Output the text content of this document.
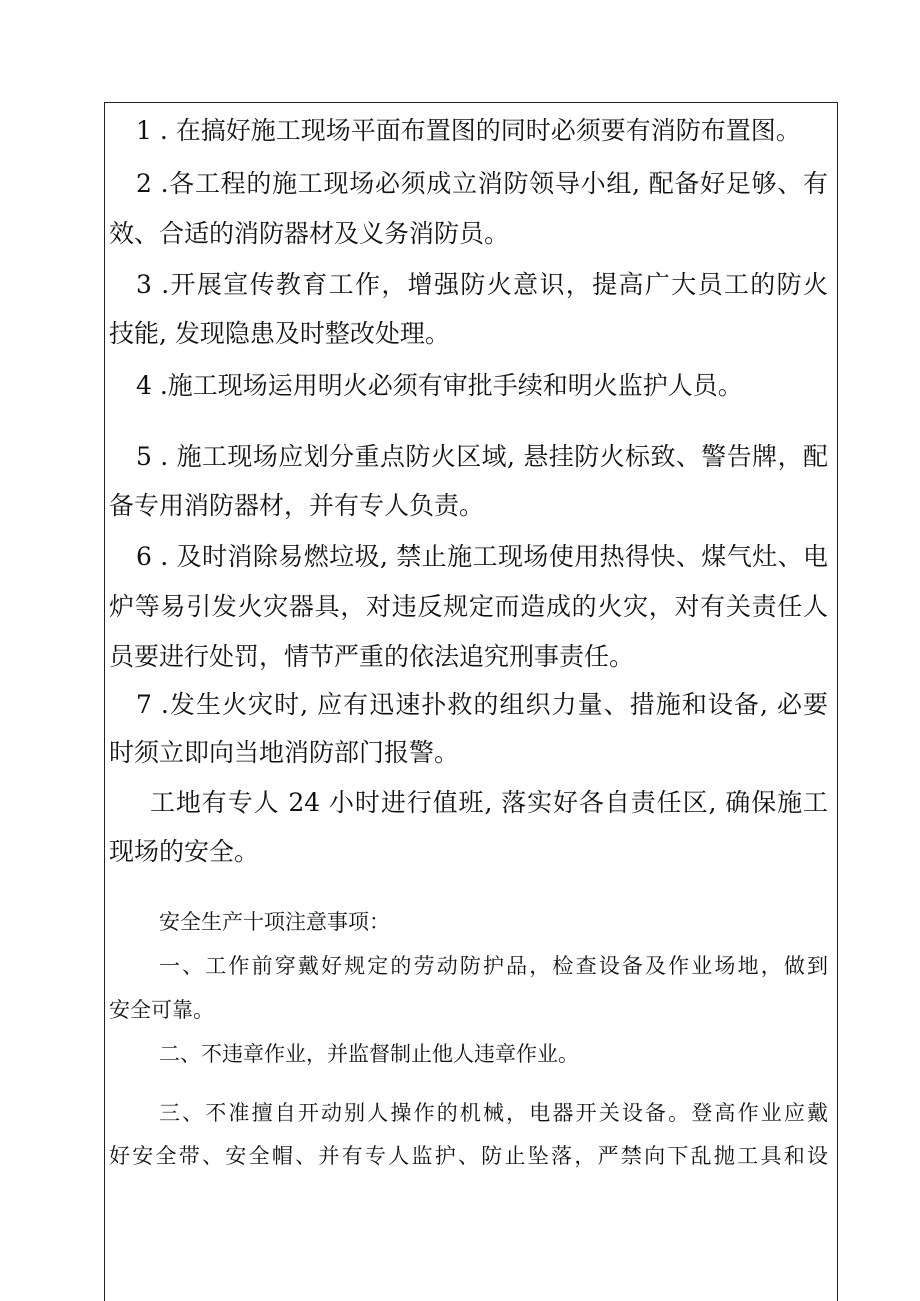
1 . 在搞好施工现场平面布置图的同时必须要有消防布置图。
2 .各工程的施工现场必须成立消防领导小组, 配备好足够、有
效、合适的消防器材及义务消防员。
3 .开展宣传教育工作，增强防火意识，提高广大员工的防火
技能, 发现隐患及时整改处理。
4 .施工现场运用明火必须有审批手续和明火监护人员。
5 . 施工现场应划分重点防火区域, 悬挂防火标致、警告牌，配
备专用消防器材，并有专人负责。
6 . 及时消除易燃垃圾, 禁止施工现场使用热得快、煤气灶、电
炉等易引发火灾器具，对违反规定而造成的火灾，对有关责任人
员要进行处罚，情节严重的依法追究刑事责任。
7 .发生火灾时, 应有迅速扑救的组织力量、措施和设备, 必要
时须立即向当地消防部门报警。
工地有专人 24 小时进行值班, 落实好各自责任区, 确保施工
现场的安全。
安全生产十项注意事项：
一、工作前穿戴好规定的劳动防护品，检查设备及作业场地，做到
安全可靠。
二、不违章作业，并监督制止他人违章作业。
三、不准擅自开动别人操作的机械，电器开关设备。登高作业应戴
好安全带、安全帽、并有专人监护、防止坠落，严禁向下乱抛工具和设
